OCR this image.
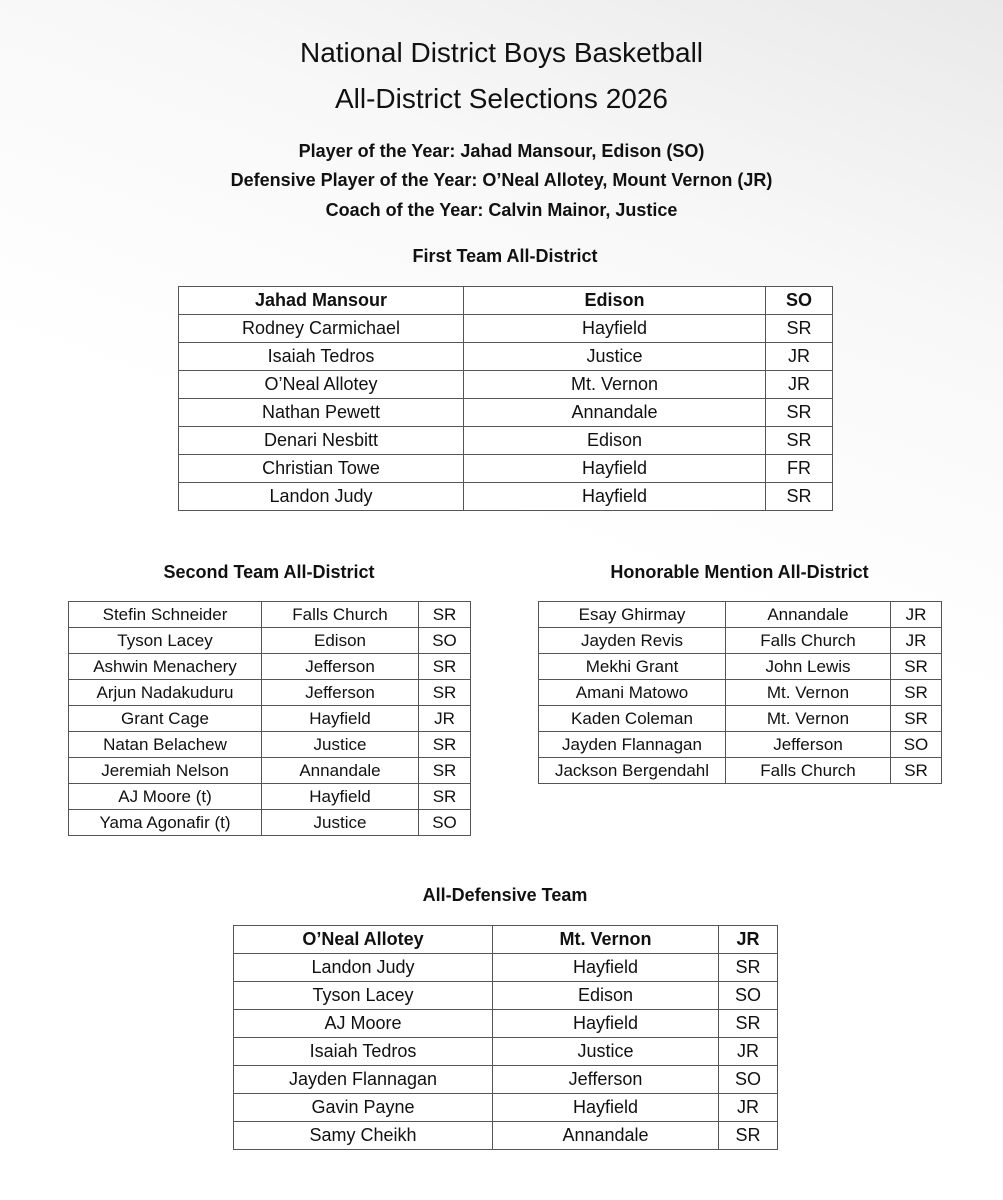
National District Boys Basketball
All-District Selections 2026
Player of the Year: Jahad Mansour, Edison (SO)
Defensive Player of the Year: O’Neal Allotey, Mount Vernon (JR)
Coach of the Year: Calvin Mainor, Justice
First Team All-District
Jahad Mansour	Edison	SO
Rodney Carmichael	Hayfield	SR
Isaiah Tedros	Justice	JR
O’Neal Allotey	Mt. Vernon	JR
Nathan Pewett	Annandale	SR
Denari Nesbitt	Edison	SR
Christian Towe	Hayfield	FR
Landon Judy	Hayfield	SR
Second Team All-District
Stefin Schneider	Falls Church	SR
Tyson Lacey	Edison	SO
Ashwin Menachery	Jefferson	SR
Arjun Nadakuduru	Jefferson	SR
Grant Cage	Hayfield	JR
Natan Belachew	Justice	SR
Jeremiah Nelson	Annandale	SR
AJ Moore (t)	Hayfield	SR
Yama Agonafir (t)	Justice	SO
Honorable Mention All-District
Esay Ghirmay	Annandale	JR
Jayden Revis	Falls Church	JR
Mekhi Grant	John Lewis	SR
Amani Matowo	Mt. Vernon	SR
Kaden Coleman	Mt. Vernon	SR
Jayden Flannagan	Jefferson	SO
Jackson Bergendahl	Falls Church	SR
All-Defensive Team
O’Neal Allotey	Mt. Vernon	JR
Landon Judy	Hayfield	SR
Tyson Lacey	Edison	SO
AJ Moore	Hayfield	SR
Isaiah Tedros	Justice	JR
Jayden Flannagan	Jefferson	SO
Gavin Payne	Hayfield	JR
Samy Cheikh	Annandale	SR
